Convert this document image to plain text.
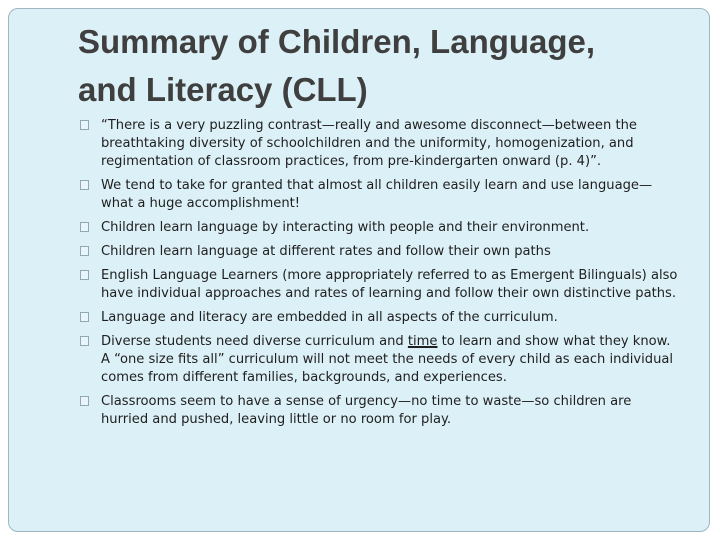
Summary of Children, Language,
and Literacy (CLL)
“There is a very puzzling contrast—really and awesome disconnect—between the breathtaking diversity of schoolchildren and the uniformity, homogenization, and regimentation of classroom practices, from pre-kindergarten onward (p. 4)”.
We tend to take for granted that almost all children easily learn and use language—what a huge accomplishment!
Children learn language by interacting with people and their environment.
Children learn language at different rates and follow their own paths
English Language Learners (more appropriately referred to as Emergent Bilinguals) also have individual approaches and rates of learning and follow their own distinctive paths.
Language and literacy are embedded in all aspects of the curriculum.
Diverse students need diverse curriculum and time to learn and show what they know. A “one size fits all” curriculum will not meet the needs of every child as each individual comes from different families, backgrounds, and experiences.
Classrooms seem to have a sense of urgency—no time to waste—so children are hurried and pushed, leaving little or no room for play.
